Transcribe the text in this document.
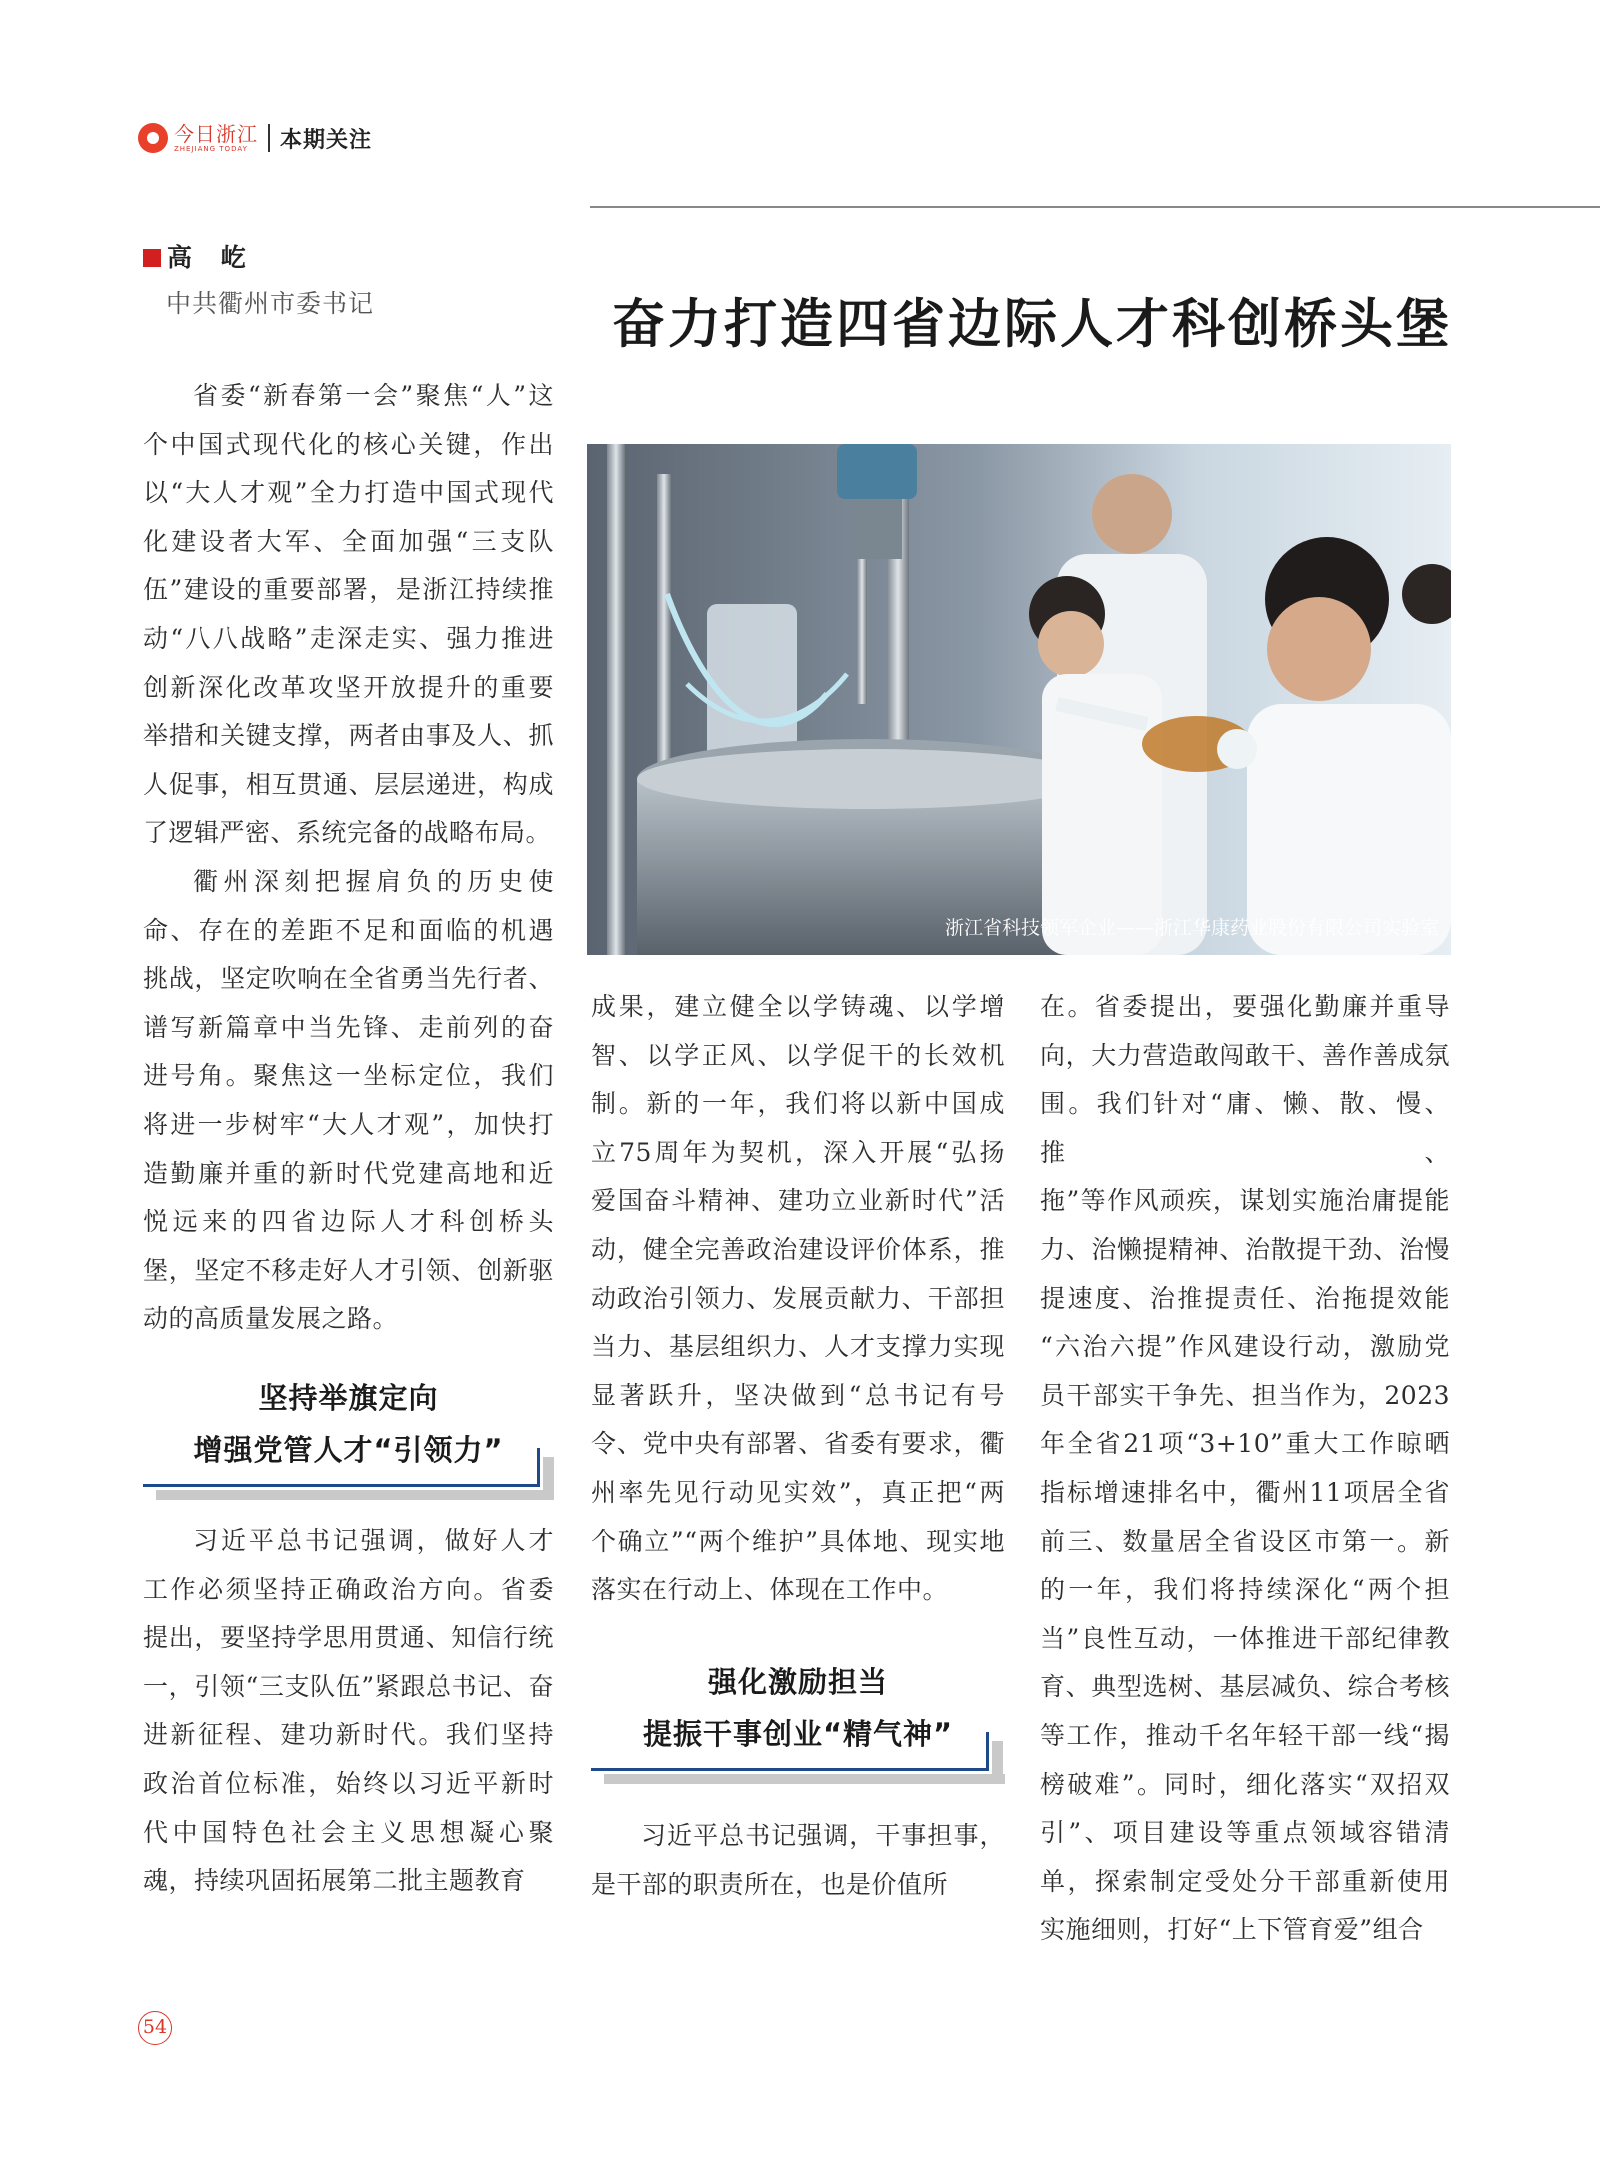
今日浙江
ZHEJIANG TODAY	本期关注
高 屹
中共衢州市委书记	奋力打造四省边际人才科创桥头堡
浙江省科技领军企业——浙江华康药业股份有限公司实验室
省委“新春第一会”聚焦“人”这
个中国式现代化的核心关键，作出
以“大人才观”全力打造中国式现代
化建设者大军、全面加强“三支队
伍”建设的重要部署，是浙江持续推
动“八八战略”走深走实、强力推进
创新深化改革攻坚开放提升的重要
举措和关键支撑，两者由事及人、抓
人促事，相互贯通、层层递进，构成
了逻辑严密、系统完备的战略布局。
衢州深刻把握肩负的历史使
命、存在的差距不足和面临的机遇
挑战，坚定吹响在全省勇当先行者、
谱写新篇章中当先锋、走前列的奋
进号角。聚焦这一坐标定位，我们
将进一步树牢“大人才观”，加快打
造勤廉并重的新时代党建高地和近
悦远来的四省边际人才科创桥头
堡，坚定不移走好人才引领、创新驱
动的高质量发展之路。
坚持举旗定向
增强党管人才“引领力”
习近平总书记强调，做好人才
工作必须坚持正确政治方向。省委
提出，要坚持学思用贯通、知信行统
一，引领“三支队伍”紧跟总书记、奋
进新征程、建功新时代。我们坚持
政治首位标准，始终以习近平新时
代中国特色社会主义思想凝心聚
魂，持续巩固拓展第二批主题教育
成果，建立健全以学铸魂、以学增
智、以学正风、以学促干的长效机
制。新的一年，我们将以新中国成
立75周年为契机，深入开展“弘扬
爱国奋斗精神、建功立业新时代”活
动，健全完善政治建设评价体系，推
动政治引领力、发展贡献力、干部担
当力、基层组织力、人才支撑力实现
显著跃升，坚决做到“总书记有号
令、党中央有部署、省委有要求，衢
州率先见行动见实效”，真正把“两
个确立”“两个维护”具体地、现实地
落实在行动上、体现在工作中。
强化激励担当
提振干事创业“精气神”
习近平总书记强调，干事担事，
是干部的职责所在，也是价值所
在。省委提出，要强化勤廉并重导
向，大力营造敢闯敢干、善作善成氛
围。我们针对“庸、懒、散、慢、推、
拖”等作风顽疾，谋划实施治庸提能
力、治懒提精神、治散提干劲、治慢
提速度、治推提责任、治拖提效能
“六治六提”作风建设行动，激励党
员干部实干争先、担当作为，2023
年全省21项“3+10”重大工作晾晒
指标增速排名中，衢州11项居全省
前三、数量居全省设区市第一。新
的一年，我们将持续深化“两个担
当”良性互动，一体推进干部纪律教
育、典型选树、基层减负、综合考核
等工作，推动千名年轻干部一线“揭
榜破难”。同时，细化落实“双招双
引”、项目建设等重点领域容错清
单，探索制定受处分干部重新使用
实施细则，打好“上下管育爱”组合
54
